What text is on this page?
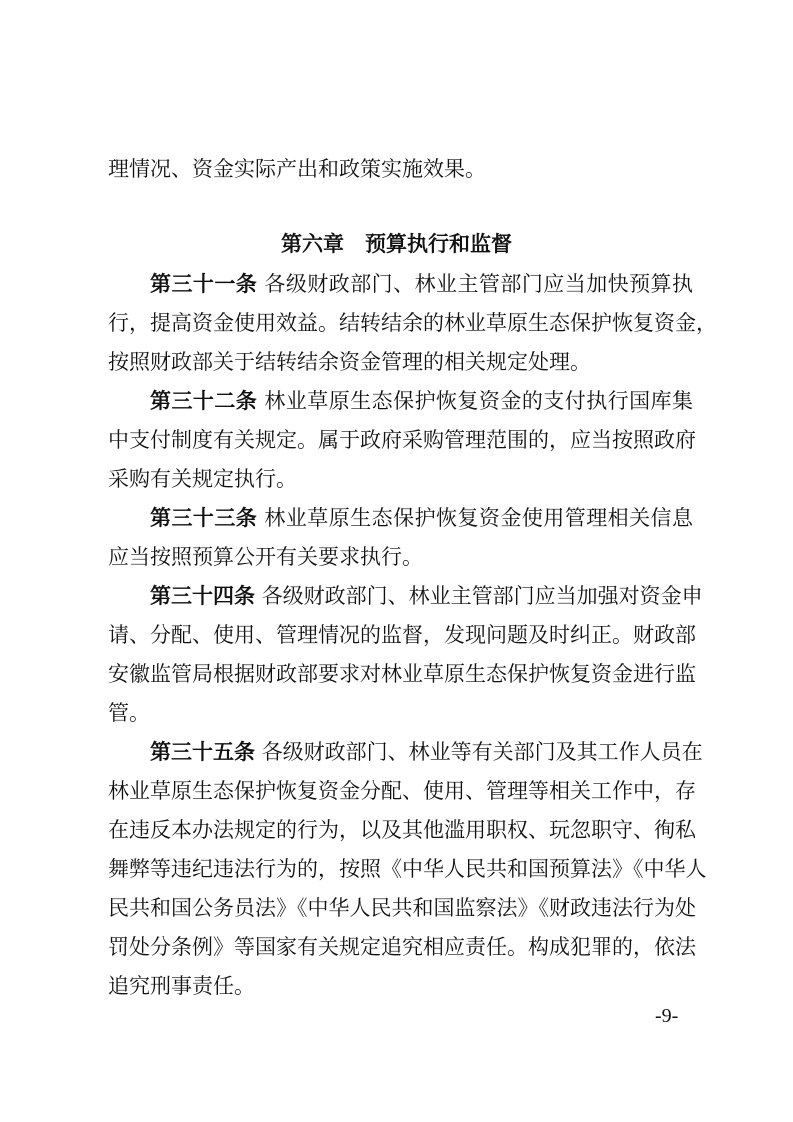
理情况、资金实际产出和政策实施效果。
第六章　预算执行和监督
第三十一条 各级财政部门、林业主管部门应当加快预算执
行，提高资金使用效益。结转结余的林业草原生态保护恢复资金，
按照财政部关于结转结余资金管理的相关规定处理。
第三十二条 林业草原生态保护恢复资金的支付执行国库集
中支付制度有关规定。属于政府采购管理范围的，应当按照政府
采购有关规定执行。
第三十三条 林业草原生态保护恢复资金使用管理相关信息
应当按照预算公开有关要求执行。
第三十四条 各级财政部门、林业主管部门应当加强对资金申
请、分配、使用、管理情况的监督，发现问题及时纠正。财政部
安徽监管局根据财政部要求对林业草原生态保护恢复资金进行监
管。
第三十五条 各级财政部门、林业等有关部门及其工作人员在
林业草原生态保护恢复资金分配、使用、管理等相关工作中，存
在违反本办法规定的行为，以及其他滥用职权、玩忽职守、徇私
舞弊等违纪违法行为的，按照《中华人民共和国预算法》《中华人
民共和国公务员法》《中华人民共和国监察法》《财政违法行为处
罚处分条例》等国家有关规定追究相应责任。构成犯罪的，依法
追究刑事责任。
-9-
